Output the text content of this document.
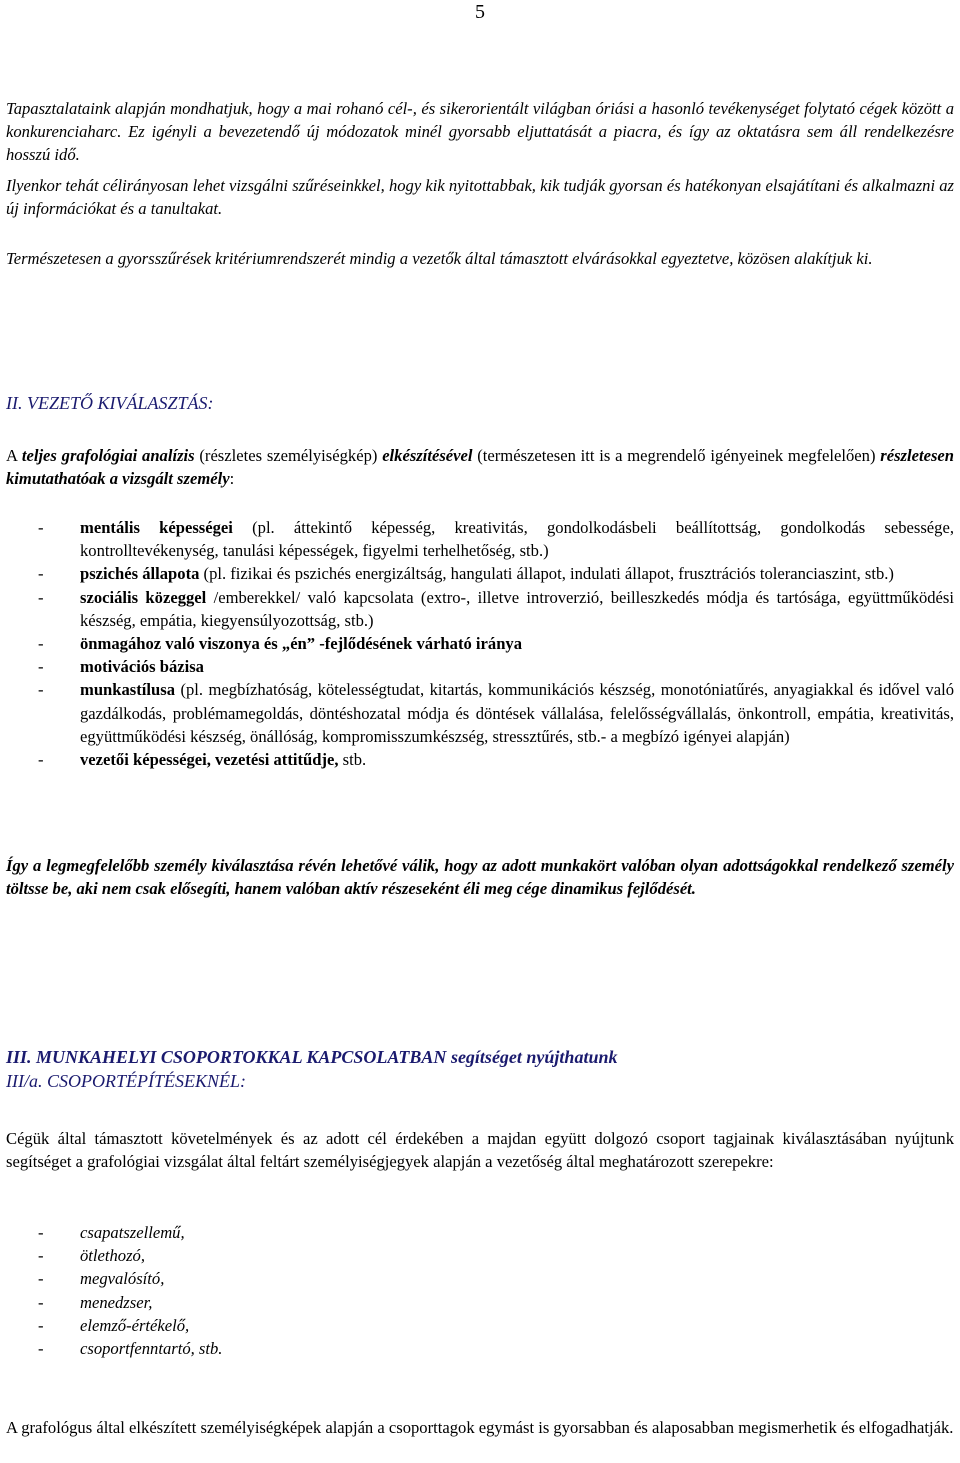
5

Tapasztalataink alapján mondhatjuk, hogy a mai rohanó cél-, és sikerorientált világban óriási a hasonló tevékenységet folytató cégek között a konkurenciaharc. Ez igényli a bevezetendő új módozatok minél gyorsabb eljuttatását a piacra, és így az oktatásra sem áll rendelkezésre hosszú idő.

Ilyenkor tehát célirányosan lehet vizsgálni szűréseinkkel, hogy kik nyitottabbak, kik tudják gyorsan és hatékonyan elsajátítani és alkalmazni az új információkat és a tanultakat.

Természetesen a gyorsszűrések kritériumrendszerét mindig a vezetők által támasztott elvárásokkal egyeztetve, közösen alakítjuk ki.

II. VEZETŐ KIVÁLASZTÁS:

A teljes grafológiai analízis (részletes személyiségkép) elkészítésével (természetesen itt is a megrendelő igényeinek megfelelően) részletesen kimutathatóak a vizsgált személy:

- mentális képességei (pl. áttekintő képesség, kreativitás, gondolkodásbeli beállítottság, gondolkodás sebessége, kontrolltevékenység, tanulási képességek, figyelmi terhelhetőség, stb.)
- pszichés állapota (pl. fizikai és pszichés energizáltság, hangulati állapot, indulati állapot, frusztrációs toleranciaszint, stb.)
- szociális közeggel /emberekkel/ való kapcsolata (extro-, illetve introverzió, beilleszkedés módja és tartósága, együttműködési készség, empátia, kiegyensúlyozottság, stb.)
- önmagához való viszonya és „én” -fejlődésének várható iránya
- motivációs bázisa
- munkastílusa (pl. megbízhatóság, kötelességtudat, kitartás, kommunikációs készség, monotóniatűrés, anyagiakkal és idővel való gazdálkodás, problémamegoldás, döntéshozatal módja és döntések vállalása, felelősségvállalás, önkontroll, empátia, kreativitás, együttműködési készség, önállóság, kompromisszumkészség, stressztűrés, stb.- a megbízó igényei alapján)
- vezetői képességei, vezetési attitűdje, stb.

Így a legmegfelelőbb személy kiválasztása révén lehetővé válik, hogy az adott munkakört valóban olyan adottságokkal rendelkező személy töltsse be, aki nem csak elősegíti, hanem valóban aktív részeseként éli meg cége dinamikus fejlődését.

III. MUNKAHELYI CSOPORTOKKAL KAPCSOLATBAN segítséget nyújthatunk
III/a. CSOPORTÉPÍTÉSEKNÉL:

Cégük által támasztott követelmények és az adott cél érdekében a majdan együtt dolgozó csoport tagjainak kiválasztásában nyújtunk segítséget a grafológiai vizsgálat által feltárt személyiségjegyek alapján a vezetőség által meghatározott szerepekre:

- csapatszellemű,
- ötlethozó,
- megvalósító,
- menedzser,
- elemző-értékelő,
- csoportfenntartó, stb.

A grafológus által elkészített személyiségképek alapján a csoporttagok egymást is gyorsabban és alaposabban megismerhetik és elfogadhatják.
